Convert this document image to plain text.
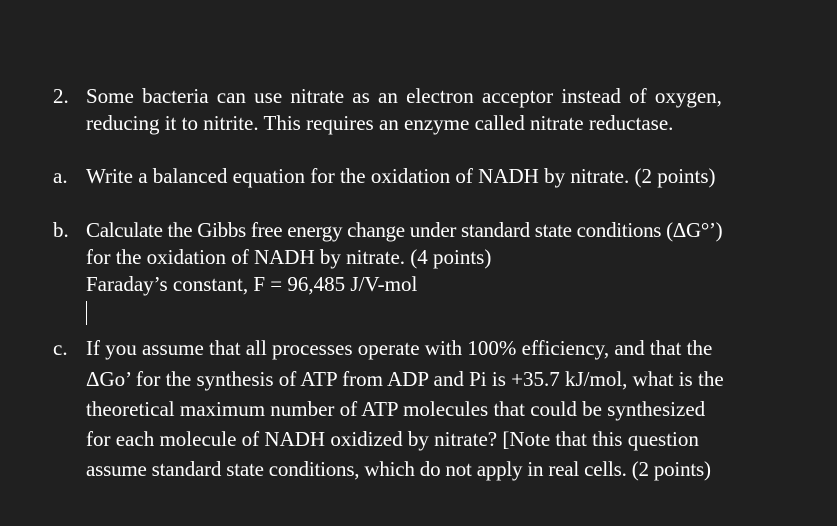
2. Some bacteria can use nitrate as an electron acceptor instead of oxygen,
reducing it to nitrite. This requires an enzyme called nitrate reductase.
a. Write a balanced equation for the oxidation of NADH by nitrate. (2 points)
b. Calculate the Gibbs free energy change under standard state conditions (ΔG°’)
for the oxidation of NADH by nitrate. (4 points)
Faraday’s constant, F = 96,485 J/V-mol
c. If you assume that all processes operate with 100% efficiency, and that the
ΔGo’ for the synthesis of ATP from ADP and Pi is +35.7 kJ/mol, what is the
theoretical maximum number of ATP molecules that could be synthesized
for each molecule of NADH oxidized by nitrate? [Note that this question
assume standard state conditions, which do not apply in real cells. (2 points)
